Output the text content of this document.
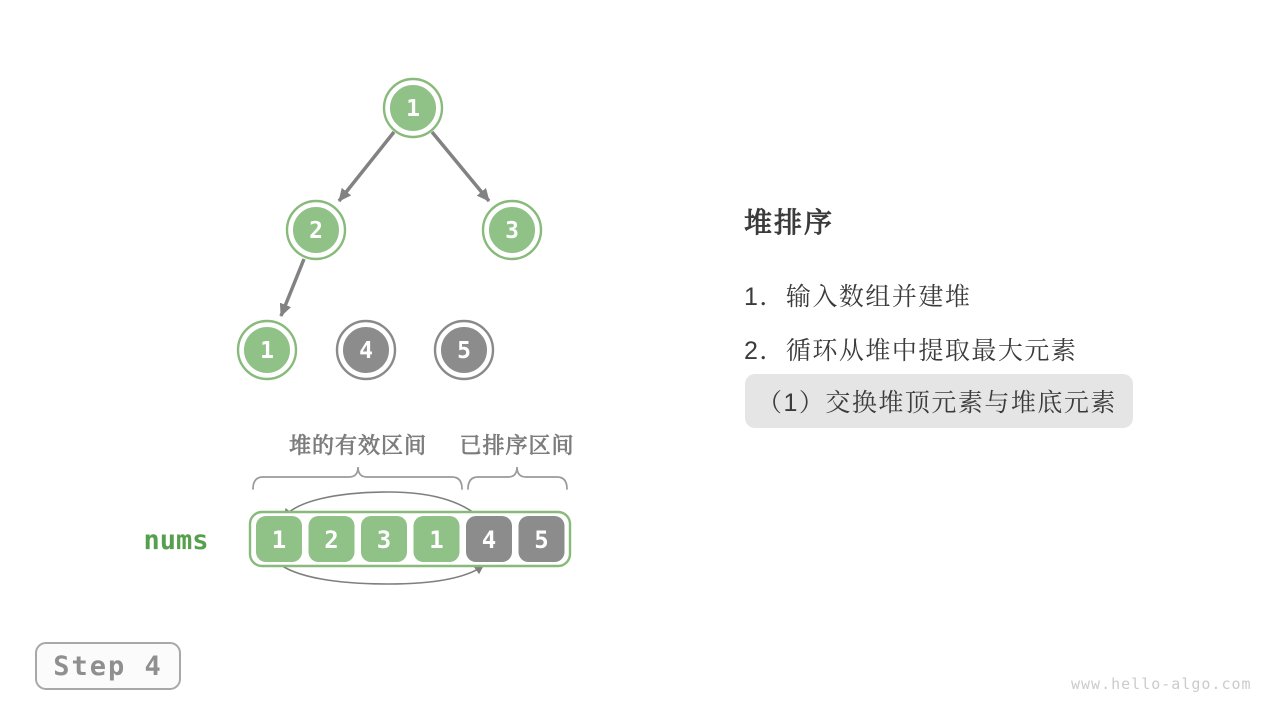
1
2	3
1	4	5
堆的有效区间 已排序区间
nums	1 2 3 1 4 5
堆排序
1．输入数组并建堆
2．循环从堆中提取最大元素
（1）交换堆顶元素与堆底元素
Step 4
www.hello-algo.com
